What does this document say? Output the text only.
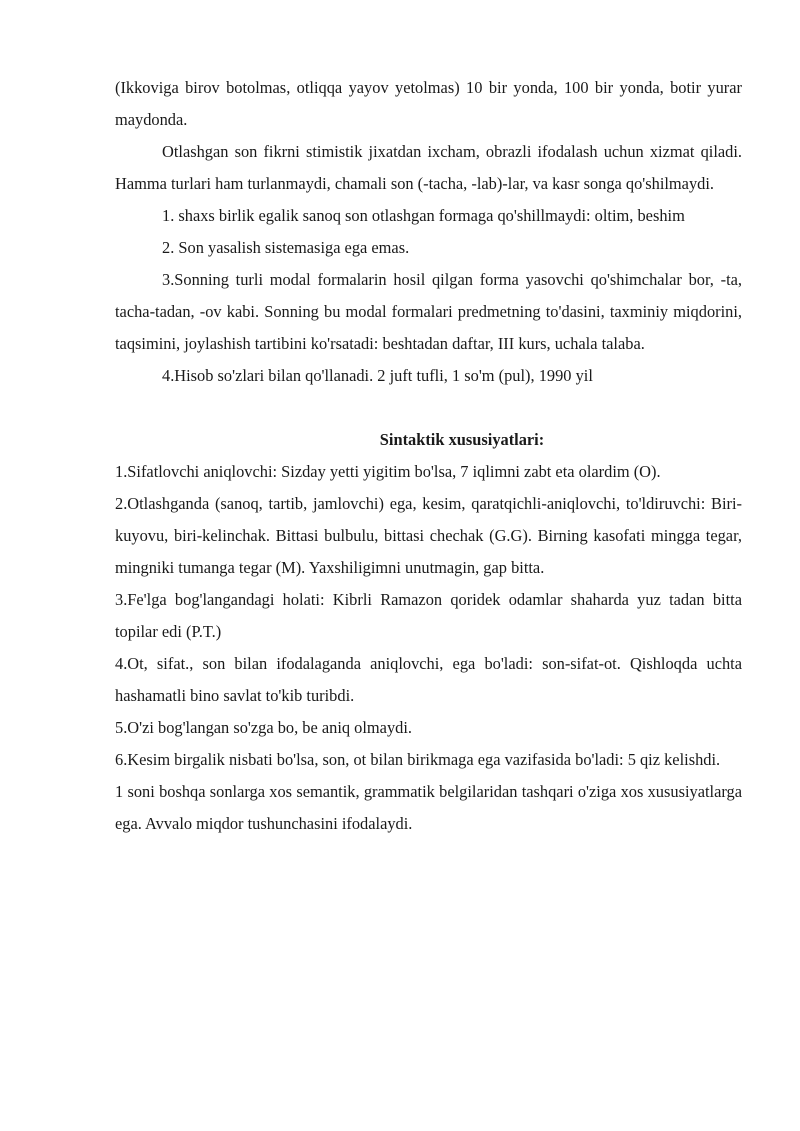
(Ikkoviga birov botolmas, otliqqa yayov yetolmas) 10 bir yonda, 100 bir yonda, botir yurar maydonda.

Otlashgan son fikrni stimistik jixatdan ixcham, obrazli ifodalash uchun xizmat qiladi. Hamma turlari ham turlanmaydi, chamali son (-tacha, -lab)-lar, va kasr songa qo'shilmaydi.

1. shaxs birlik egalik sanoq son otlashgan formaga qo'shillmaydi: oltim, beshim

2. Son yasalish sistemasiga ega emas.

3.Sonning turli modal formalarin hosil qilgan forma yasovchi qo'shimchalar bor, -ta, tacha-tadan, -ov kabi. Sonning bu modal formalari predmetning to'dasini, taxminiy miqdorini, taqsimini, joylashish tartibini ko'rsatadi: beshtadan daftar, III kurs, uchala talaba.

4.Hisob so'zlari bilan qo'llanadi. 2 juft tufli, 1 so'm (pul), 1990 yil

Sintaktik xususiyatlari:

1.Sifatlovchi aniqlovchi: Sizday yetti yigitim bo'lsa, 7 iqlimni zabt eta olardim (O).

2.Otlashganda (sanoq, tartib, jamlovchi) ega, kesim, qaratqichli-aniqlovchi, to'ldiruvchi: Biri-kuyovu, biri-kelinchak. Bittasi bulbulu, bittasi chechak (G.G). Birning kasofati mingga tegar, mingniki tumanga tegar (M). Yaxshiligimni unutmagin, gap bitta.

3.Fe'lga bog'langandagi holati: Kibrli Ramazon qoridek odamlar shaharda yuz tadan bitta topilar edi (P.T.)

4.Ot, sifat., son bilan ifodalaganda aniqlovchi, ega bo'ladi: son-sifat-ot. Qishloqda uchta hashamatli bino savlat to'kib turibdi.

5.O'zi bog'langan so'zga bo, be aniq olmaydi.

6.Kesim birgalik nisbati bo'lsa, son, ot bilan birikmaga ega vazifasida bo'ladi: 5 qiz kelishdi.

1 soni boshqa sonlarga xos semantik, grammatik belgilaridan tashqari o'ziga xos xususiyatlarga ega. Avvalo miqdor tushunchasini ifodalaydi.
